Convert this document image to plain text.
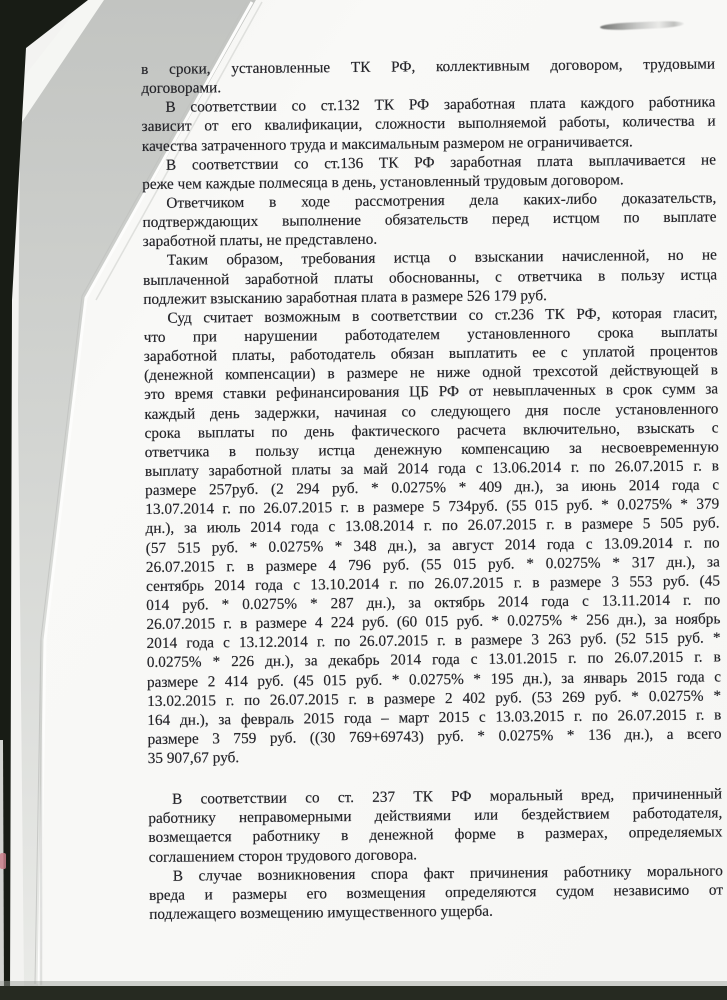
в сроки, установленные ТК РФ, коллективным договором, трудовыми
договорами.
В соответствии со ст.132 ТК РФ заработная плата каждого работника
зависит от его квалификации, сложности выполняемой работы, количества и
качества затраченного труда и максимальным размером не ограничивается.
В соответствии со ст.136 ТК РФ заработная плата выплачивается не
реже чем каждые полмесяца в день, установленный трудовым договором.
Ответчиком в ходе рассмотрения дела каких-либо доказательств,
подтверждающих выполнение обязательств перед истцом по выплате
заработной платы, не представлено.
Таким образом, требования истца о взыскании начисленной, но не
выплаченной заработной платы обоснованны, с ответчика в пользу истца
подлежит взысканию заработная плата в размере 526 179 руб.
Суд считает возможным в соответствии со ст.236 ТК РФ, которая гласит,
что при нарушении работодателем установленного срока выплаты
заработной платы, работодатель обязан выплатить ее с уплатой процентов
(денежной компенсации) в размере не ниже одной трехсотой действующей в
это время ставки рефинансирования ЦБ РФ от невыплаченных в срок сумм за
каждый день задержки, начиная со следующего дня после установленного
срока выплаты по день фактического расчета включительно, взыскать с
ответчика в пользу истца денежную компенсацию за несвоевременную
выплату заработной платы за май 2014 года с 13.06.2014 г. по 26.07.2015 г. в
размере 257руб. (2 294 руб. * 0.0275% * 409 дн.), за июнь 2014 года с
13.07.2014 г. по 26.07.2015 г. в размере 5 734руб. (55 015 руб. * 0.0275% * 379
дн.), за июль 2014 года с 13.08.2014 г. по 26.07.2015 г. в размере 5 505 руб.
(57 515 руб. * 0.0275% * 348 дн.), за август 2014 года с 13.09.2014 г. по
26.07.2015 г. в размере 4 796 руб. (55 015 руб. * 0.0275% * 317 дн.), за
сентябрь 2014 года с 13.10.2014 г. по 26.07.2015 г. в размере 3 553 руб. (45
014 руб. * 0.0275% * 287 дн.), за октябрь 2014 года с 13.11.2014 г. по
26.07.2015 г. в размере 4 224 руб. (60 015 руб. * 0.0275% * 256 дн.), за ноябрь
2014 года с 13.12.2014 г. по 26.07.2015 г. в размере 3 263 руб. (52 515 руб. *
0.0275% * 226 дн.), за декабрь 2014 года с 13.01.2015 г. по 26.07.2015 г. в
размере 2 414 руб. (45 015 руб. * 0.0275% * 195 дн.), за январь 2015 года с
13.02.2015 г. по 26.07.2015 г. в размере 2 402 руб. (53 269 руб. * 0.0275% *
164 дн.), за февраль 2015 года – март 2015 с 13.03.2015 г. по 26.07.2015 г. в
размере 3 759 руб. ((30 769+69743) руб. * 0.0275% * 136 дн.), а всего
35 907,67 руб.
В соответствии со ст. 237 ТК РФ моральный вред, причиненный
работнику неправомерными действиями или бездействием работодателя,
возмещается работнику в денежной форме в размерах, определяемых
соглашением сторон трудового договора.
В случае возникновения спора факт причинения работнику морального
вреда и размеры его возмещения определяются судом независимо от
подлежащего возмещению имущественного ущерба.
